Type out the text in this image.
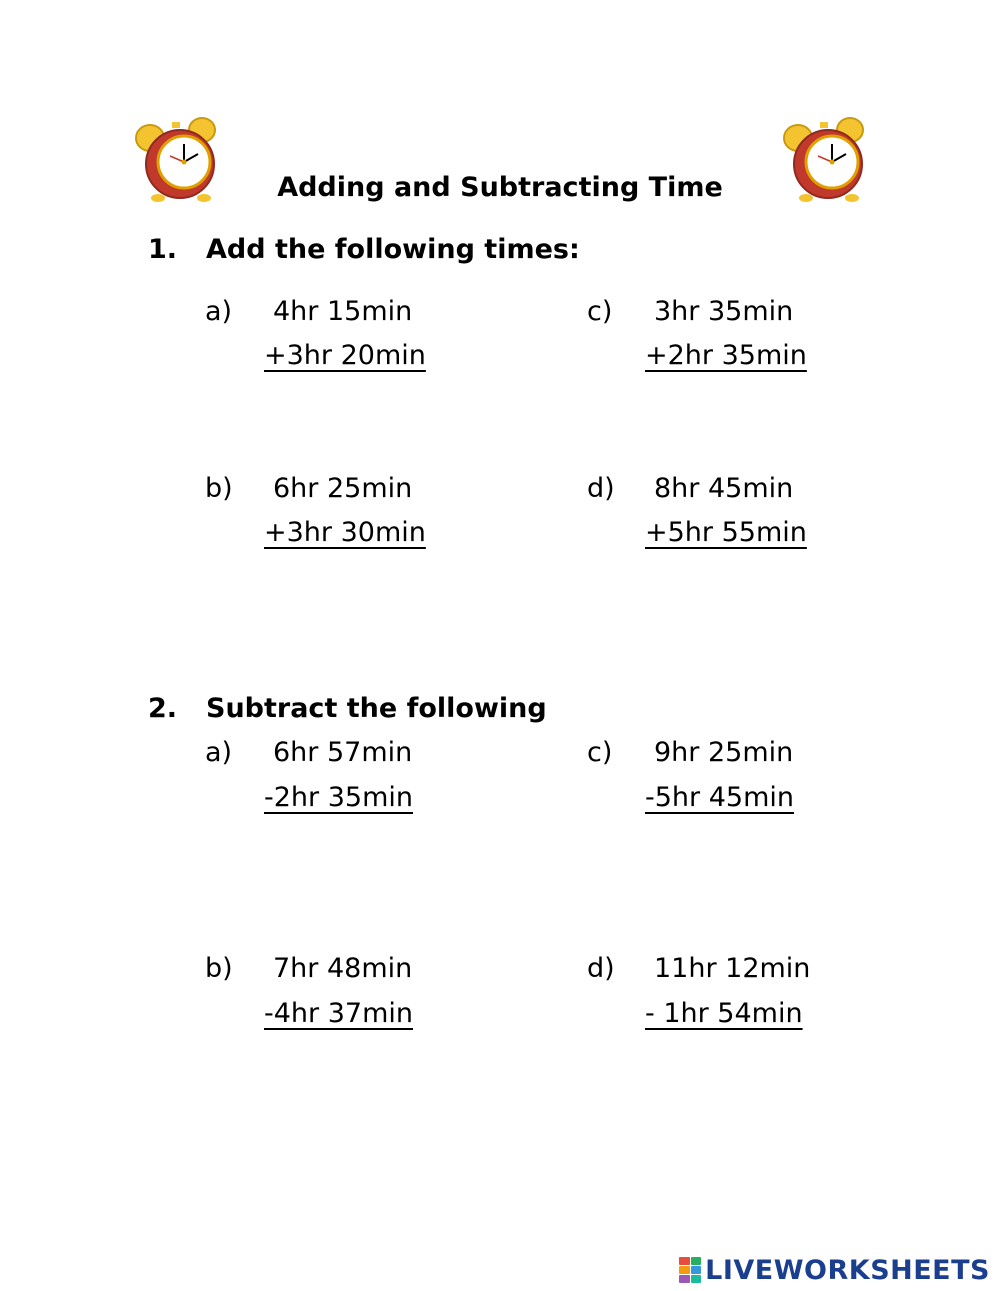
Adding and Subtracting Time
1. Add the following times:
a) 4hr 15min
+3hr 20min
c) 3hr 35min
+2hr 35min
b) 6hr 25min
+3hr 30min
d) 8hr 45min
+5hr 55min
2. Subtract the following
a) 6hr 57min
-2hr 35min
c) 9hr 25min
-5hr 45min
b) 7hr 48min
-4hr 37min
d) 11hr 12min
- 1hr 54min
LIVEWORKSHEETS
